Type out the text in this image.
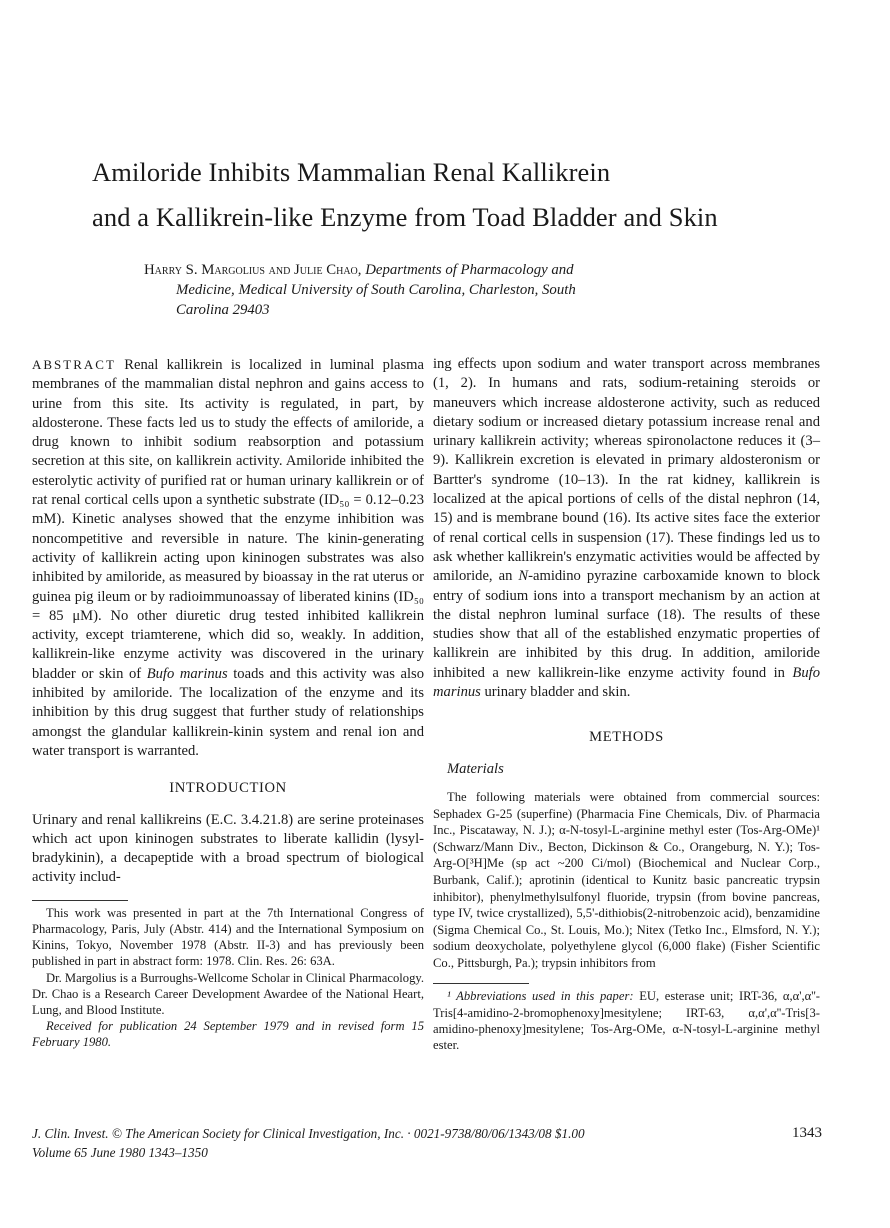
Amiloride Inhibits Mammalian Renal Kallikrein
and a Kallikrein-like Enzyme from Toad Bladder and Skin
Harry S. Margolius and Julie Chao, Departments of Pharmacology and
Medicine, Medical University of South Carolina, Charleston, South
Carolina 29403
ABSTRACT Renal kallikrein is localized in luminal plasma membranes of the mammalian distal nephron and gains access to urine from this site. Its activity is regulated, in part, by aldosterone. These facts led us to study the effects of amiloride, a drug known to inhibit sodium reabsorption and potassium secretion at this site, on kallikrein activity. Amiloride inhibited the esterolytic activity of purified rat or human urinary kallikrein or of rat renal cortical cells upon a synthetic substrate (ID₅₀ = 0.12–0.23 mM). Kinetic analyses showed that the enzyme inhibition was noncompetitive and reversible in nature. The kinin-generating activity of kallikrein acting upon kininogen substrates was also inhibited by amiloride, as measured by bioassay in the rat uterus or guinea pig ileum or by radioimmunoassay of liberated kinins (ID₅₀ = 85 μM). No other diuretic drug tested inhibited kallikrein activity, except triamterene, which did so, weakly. In addition, kallikrein-like enzyme activity was discovered in the urinary bladder or skin of Bufo marinus toads and this activity was also inhibited by amiloride. The localization of the enzyme and its inhibition by this drug suggest that further study of relationships amongst the glandular kallikrein-kinin system and renal ion and water transport is warranted.
INTRODUCTION
Urinary and renal kallikreins (E.C. 3.4.21.8) are serine proteinases which act upon kininogen substrates to liberate kallidin (lysyl-bradykinin), a decapeptide with a broad spectrum of biological activity includ-
This work was presented in part at the 7th International Congress of Pharmacology, Paris, July (Abstr. 414) and the International Symposium on Kinins, Tokyo, November 1978 (Abstr. II-3) and has previously been published in part in abstract form: 1978. Clin. Res. 26: 63A.
Dr. Margolius is a Burroughs-Wellcome Scholar in Clinical Pharmacology. Dr. Chao is a Research Career Development Awardee of the National Heart, Lung, and Blood Institute.
Received for publication 24 September 1979 and in revised form 15 February 1980.
ing effects upon sodium and water transport across membranes (1, 2). In humans and rats, sodium-retaining steroids or maneuvers which increase aldosterone activity, such as reduced dietary sodium or increased dietary potassium increase renal and urinary kallikrein activity; whereas spironolactone reduces it (3–9). Kallikrein excretion is elevated in primary aldosteronism or Bartter's syndrome (10–13). In the rat kidney, kallikrein is localized at the apical portions of cells of the distal nephron (14, 15) and is membrane bound (16). Its active sites face the exterior of renal cortical cells in suspension (17). These findings led us to ask whether kallikrein's enzymatic activities would be affected by amiloride, an N-amidino pyrazine carboxamide known to block entry of sodium ions into a transport mechanism by an action at the distal nephron luminal surface (18). The results of these studies show that all of the established enzymatic properties of kallikrein are inhibited by this drug. In addition, amiloride inhibited a new kallikrein-like enzyme activity found in Bufo marinus urinary bladder and skin.
METHODS
Materials
The following materials were obtained from commercial sources: Sephadex G-25 (superfine) (Pharmacia Fine Chemicals, Div. of Pharmacia Inc., Piscataway, N. J.); α-N-tosyl-L-arginine methyl ester (Tos-Arg-OMe)¹ (Schwarz/Mann Div., Becton, Dickinson & Co., Orangeburg, N. Y.); Tos-Arg-O[³H]Me (sp act ~200 Ci/mol) (Biochemical and Nuclear Corp., Burbank, Calif.); aprotinin (identical to Kunitz basic pancreatic trypsin inhibitor), phenylmethylsulfonyl fluoride, trypsin (from bovine pancreas, type IV, twice crystallized), 5,5'-dithiobis(2-nitrobenzoic acid), benzamidine (Sigma Chemical Co., St. Louis, Mo.); Nitex (Tetko Inc., Elmsford, N. Y.); sodium deoxycholate, polyethylene glycol (6,000 flake) (Fisher Scientific Co., Pittsburgh, Pa.); trypsin inhibitors from
¹ Abbreviations used in this paper: EU, esterase unit; IRT-36, α,α',α''-Tris[4-amidino-2-bromophenoxy]mesitylene; IRT-63, α,α',α''-Tris[3-amidino-phenoxy]mesitylene; Tos-Arg-OMe, α-N-tosyl-L-arginine methyl ester.
J. Clin. Invest. © The American Society for Clinical Investigation, Inc. · 0021-9738/80/06/1343/08 $1.00
Volume 65 June 1980 1343–1350
1343
